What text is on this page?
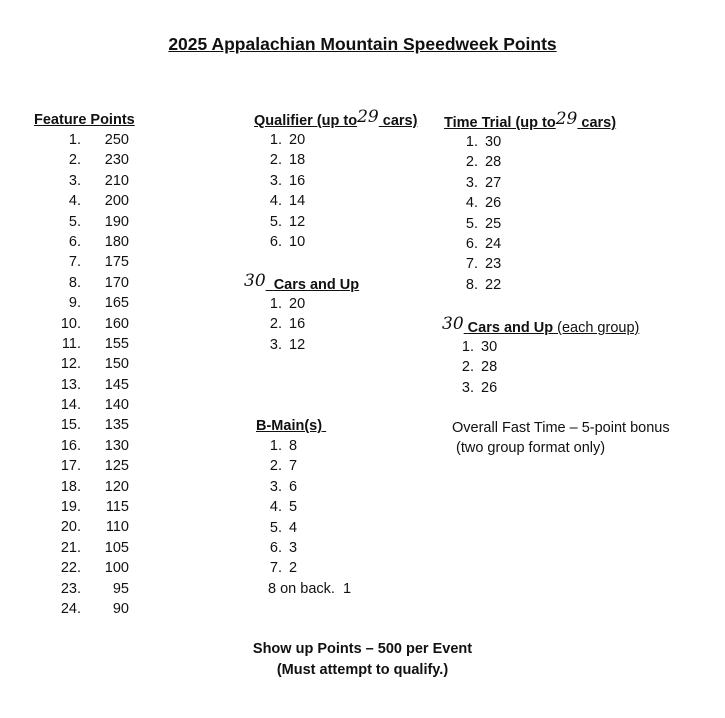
2025 Appalachian Mountain Speedweek Points
Feature Points
1. 250
2. 230
3. 210
4. 200
5. 190
6. 180
7. 175
8. 170
9. 165
10. 160
11. 155
12. 150
13. 145
14. 140
15. 135
16. 130
17. 125
18. 120
19. 115
20. 110
21. 105
22. 100
23. 95
24. 90
Qualifier (up to29 cars)
1. 20
2. 18
3. 16
4. 14
5. 12
6. 10
30 Cars and Up
1. 20
2. 16
3. 12
B-Main(s)
1. 8
2. 7
3. 6
4. 5
5. 4
6. 3
7. 2
8 on back.  1
Time Trial (up to29 cars)
1. 30
2. 28
3. 27
4. 26
5. 25
6. 24
7. 23
8. 22
30 Cars and Up (each group)
1. 30
2. 28
3. 26
Overall Fast Time – 5-point bonus
(two group format only)
Show up Points – 500 per Event
(Must attempt to qualify.)
